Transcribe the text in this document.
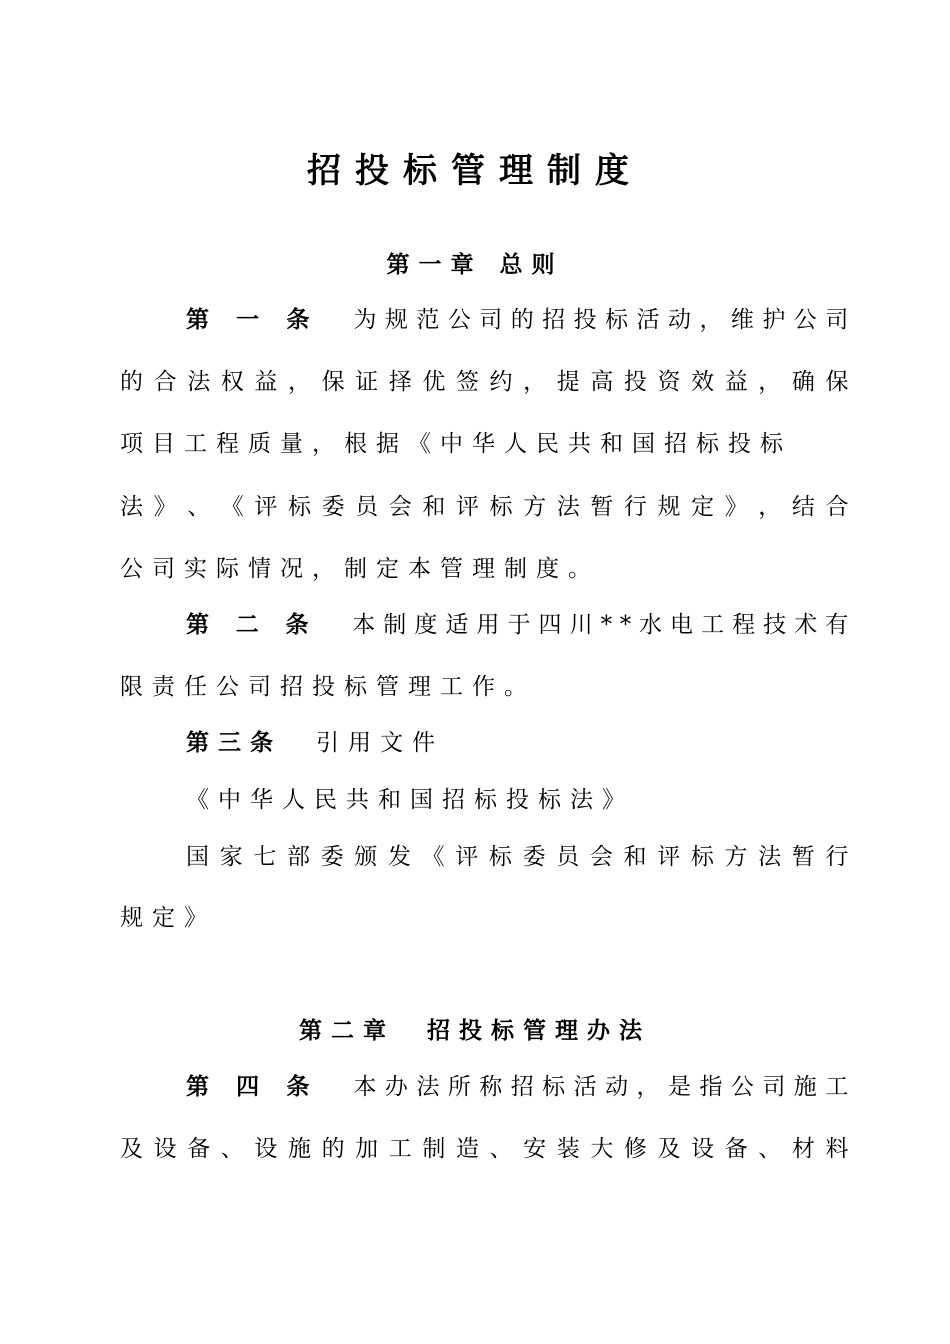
招投标管理制度
第一章 总则
第 一 条 为 规 范 公 司 的 招 投 标 活 动 ， 维 护 公 司
的 合 法 权 益 ， 保 证 择 优 签 约 ， 提 高 投 资 效 益 ， 确 保
项目工程质量，根据《中华人民共和国招标投标
法 》 、 《 评 标 委 员 会 和 评 标 方 法 暂 行 规 定 》 ， 结 合
公司实际情况，制定本管理制度。
第 二 条 本 制 度 适 用 于 四 川 * * 水 电 工 程 技 术 有
限责任公司招投标管理工作。
第三条 引用文件
《中华人民共和国招标投标法》
国 家 七 部 委 颁 发 《 评 标 委 员 会 和 评 标 方 法 暂 行
规定》
第二章　招投标管理办法
第 四 条 本 办 法 所 称 招 标 活 动 ， 是 指 公 司 施 工
及 设 备 、 设 施 的 加 工 制 造 、 安 装 大 修 及 设 备 、 材 料
